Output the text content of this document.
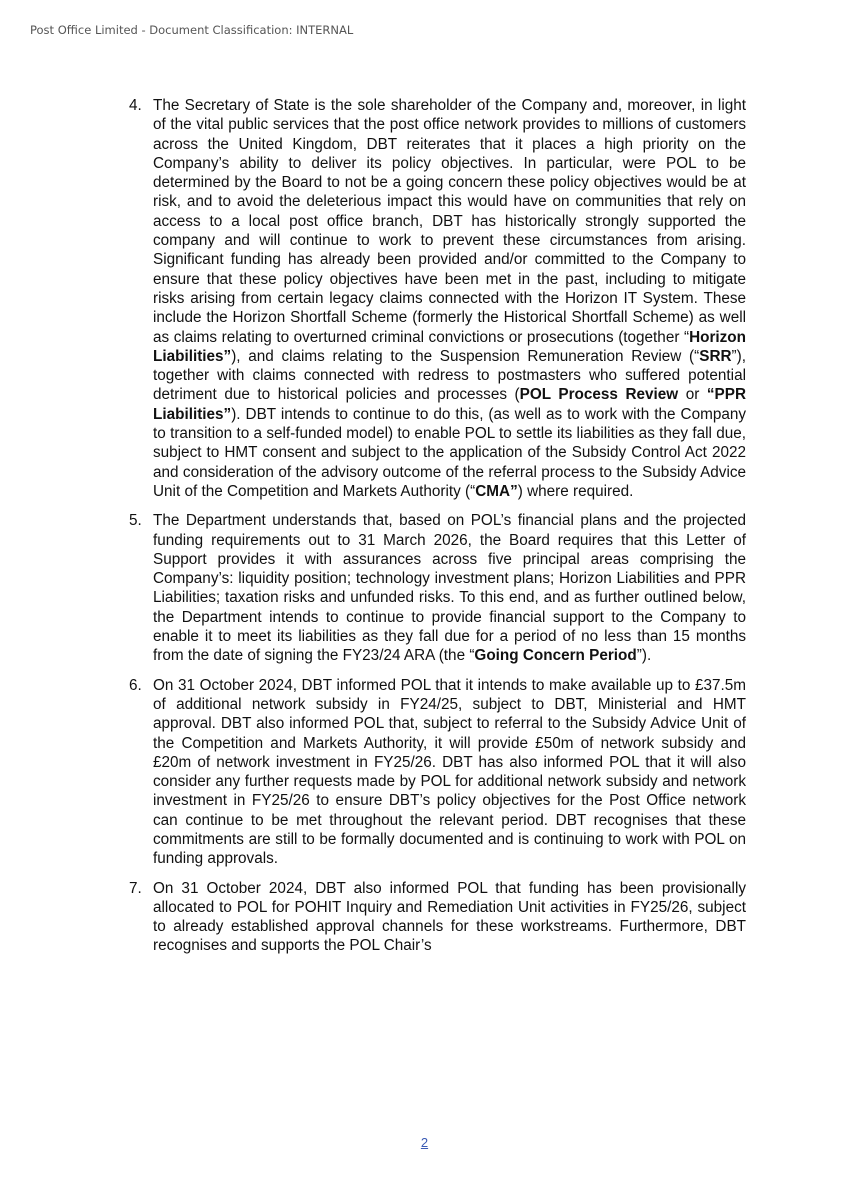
Post Office Limited - Document Classification: INTERNAL
4. The Secretary of State is the sole shareholder of the Company and, moreover, in light of the vital public services that the post office network provides to millions of customers across the United Kingdom, DBT reiterates that it places a high priority on the Company’s ability to deliver its policy objectives. In particular, were POL to be determined by the Board to not be a going concern these policy objectives would be at risk, and to avoid the deleterious impact this would have on communities that rely on access to a local post office branch, DBT has historically strongly supported the company and will continue to work to prevent these circumstances from arising. Significant funding has already been provided and/or committed to the Company to ensure that these policy objectives have been met in the past, including to mitigate risks arising from certain legacy claims connected with the Horizon IT System. These include the Horizon Shortfall Scheme (formerly the Historical Shortfall Scheme) as well as claims relating to overturned criminal convictions or prosecutions (together “Horizon Liabilities”), and claims relating to the Suspension Remuneration Review (“SRR”), together with claims connected with redress to postmasters who suffered potential detriment due to historical policies and processes (POL Process Review or “PPR Liabilities”). DBT intends to continue to do this, (as well as to work with the Company to transition to a self-funded model) to enable POL to settle its liabilities as they fall due, subject to HMT consent and subject to the application of the Subsidy Control Act 2022 and consideration of the advisory outcome of the referral process to the Subsidy Advice Unit of the Competition and Markets Authority (“CMA”) where required.
5. The Department understands that, based on POL’s financial plans and the projected funding requirements out to 31 March 2026, the Board requires that this Letter of Support provides it with assurances across five principal areas comprising the Company’s: liquidity position; technology investment plans; Horizon Liabilities and PPR Liabilities; taxation risks and unfunded risks. To this end, and as further outlined below, the Department intends to continue to provide financial support to the Company to enable it to meet its liabilities as they fall due for a period of no less than 15 months from the date of signing the FY23/24 ARA (the “Going Concern Period”).
6. On 31 October 2024, DBT informed POL that it intends to make available up to £37.5m of additional network subsidy in FY24/25, subject to DBT, Ministerial and HMT approval. DBT also informed POL that, subject to referral to the Subsidy Advice Unit of the Competition and Markets Authority, it will provide £50m of network subsidy and £20m of network investment in FY25/26. DBT has also informed POL that it will also consider any further requests made by POL for additional network subsidy and network investment in FY25/26 to ensure DBT’s policy objectives for the Post Office network can continue to be met throughout the relevant period. DBT recognises that these commitments are still to be formally documented and is continuing to work with POL on funding approvals.
7. On 31 October 2024, DBT also informed POL that funding has been provisionally allocated to POL for POHIT Inquiry and Remediation Unit activities in FY25/26, subject to already established approval channels for these workstreams. Furthermore, DBT recognises and supports the POL Chair’s
2
